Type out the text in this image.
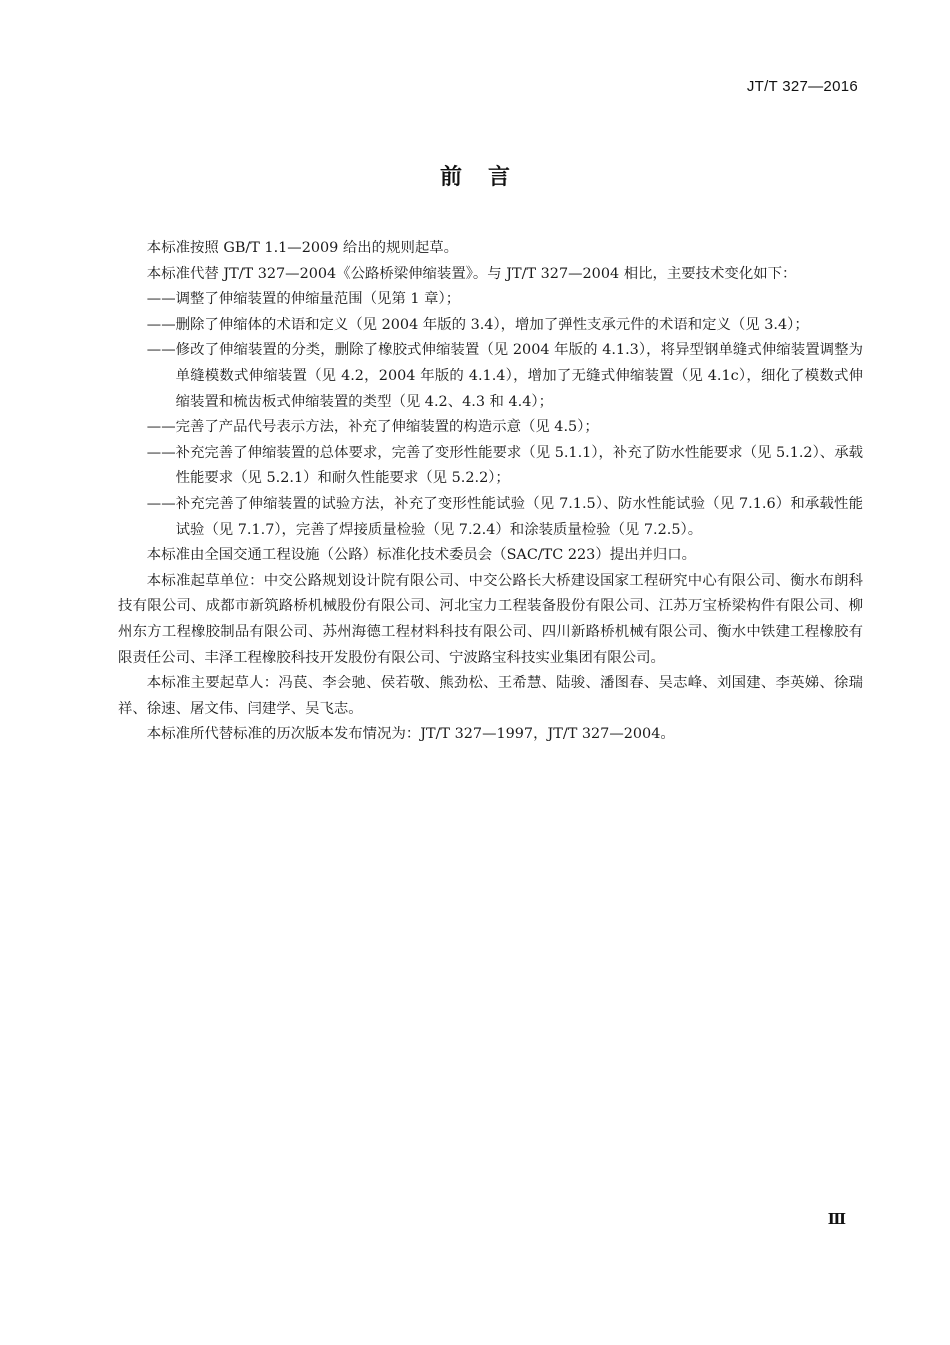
JT/T 327—2016
前言

本标准按照 GB/T 1.1—2009 给出的规则起草。

本标准代替 JT/T 327—2004《公路桥梁伸缩装置》。与 JT/T 327—2004 相比，主要技术变化如下：

——调整了伸缩装置的伸缩量范围（见第 1 章）；

——删除了伸缩体的术语和定义（见 2004 年版的 3.4），增加了弹性支承元件的术语和定义（见 3.4）；

——修改了伸缩装置的分类，删除了橡胶式伸缩装置（见 2004 年版的 4.1.3），将异型钢单缝式伸缩装置调整为单缝模数式伸缩装置（见 4.2，2004 年版的 4.1.4），增加了无缝式伸缩装置（见 4.1c），细化了模数式伸缩装置和梳齿板式伸缩装置的类型（见 4.2、4.3 和 4.4）；

——完善了产品代号表示方法，补充了伸缩装置的构造示意（见 4.5）；

——补充完善了伸缩装置的总体要求，完善了变形性能要求（见 5.1.1），补充了防水性能要求（见 5.1.2）、承载性能要求（见 5.2.1）和耐久性能要求（见 5.2.2）；

——补充完善了伸缩装置的试验方法，补充了变形性能试验（见 7.1.5）、防水性能试验（见 7.1.6）和承载性能试验（见 7.1.7），完善了焊接质量检验（见 7.2.4）和涂装质量检验（见 7.2.5）。

本标准由全国交通工程设施（公路）标准化技术委员会（SAC/TC 223）提出并归口。

本标准起草单位：中交公路规划设计院有限公司、中交公路长大桥建设国家工程研究中心有限公司、衡水布朗科技有限公司、成都市新筑路桥机械股份有限公司、河北宝力工程装备股份有限公司、江苏万宝桥梁构件有限公司、柳州东方工程橡胶制品有限公司、苏州海德工程材料科技有限公司、四川新路桥机械有限公司、衡水中铁建工程橡胶有限责任公司、丰泽工程橡胶科技开发股份有限公司、宁波路宝科技实业集团有限公司。

本标准主要起草人：冯苠、李会驰、侯若敬、熊劲松、王希慧、陆骏、潘图春、吴志峰、刘国建、李英娣、徐瑞祥、徐速、屠文伟、闫建学、吴飞志。

本标准所代替标准的历次版本发布情况为：JT/T 327—1997，JT/T 327—2004。

Ⅲ
